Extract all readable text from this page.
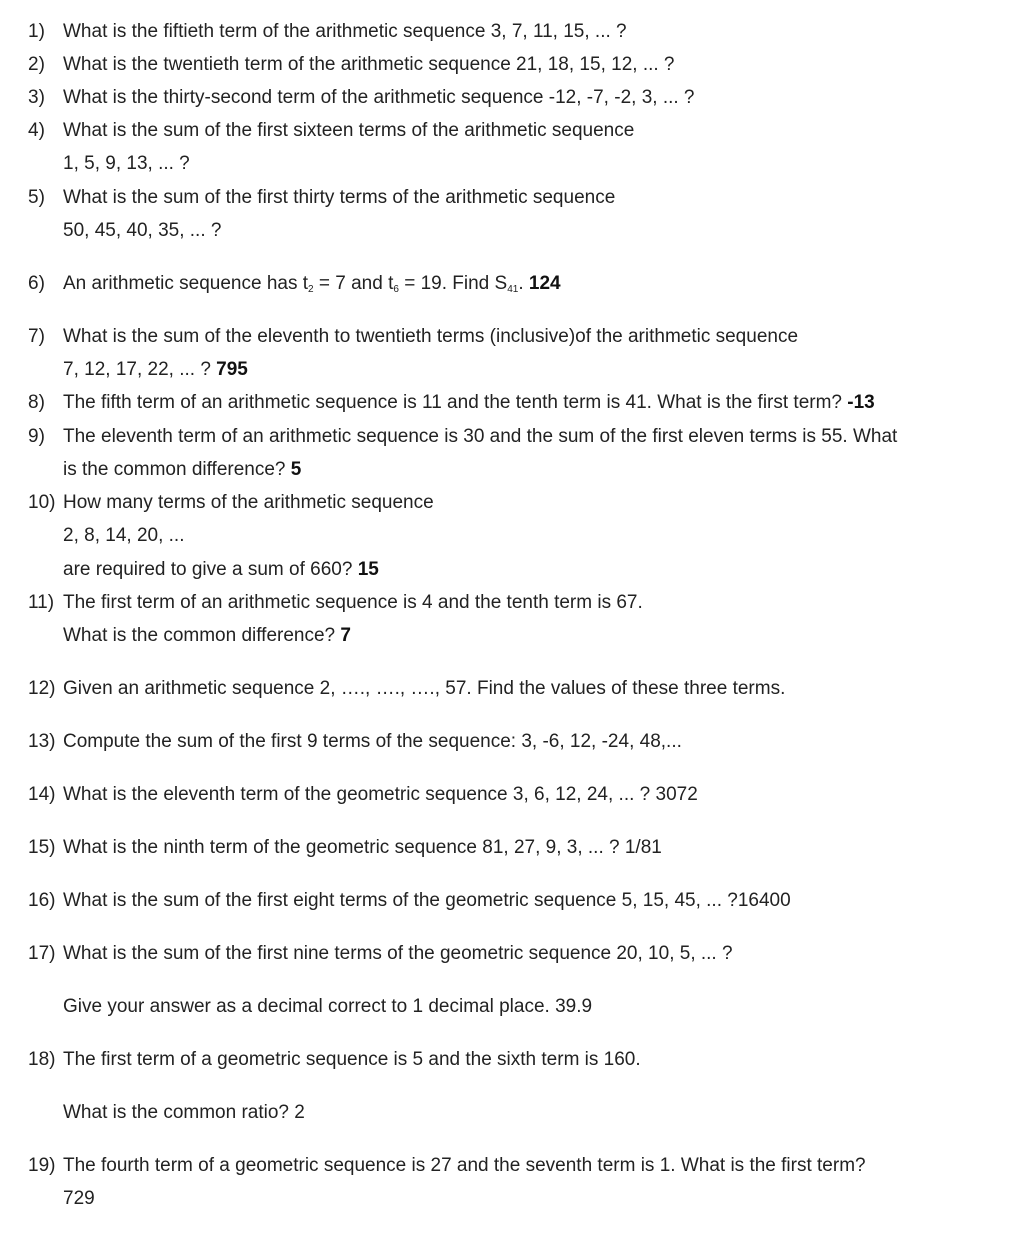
1) What is the fiftieth term of the arithmetic sequence 3, 7, 11, 15, ... ?
2) What is the twentieth term of the arithmetic sequence 21, 18, 15, 12, ... ?
3) What is the thirty-second term of the arithmetic sequence -12, -7, -2, 3, ... ?
4) What is the sum of the first sixteen terms of the arithmetic sequence
1, 5, 9, 13, ... ?
5) What is the sum of the first thirty terms of the arithmetic sequence
50, 45, 40, 35, ... ?
6) An arithmetic sequence has $t_2 = 7$ and $t_6 = 19$. Find $S_{41}$. 124
7) What is the sum of the eleventh to twentieth terms (inclusive)of the arithmetic sequence
7, 12, 17, 22, ... ? 795
8) The fifth term of an arithmetic sequence is 11 and the tenth term is 41. What is the first term? -13
9) The eleventh term of an arithmetic sequence is 30 and the sum of the first eleven terms is 55. What
is the common difference? 5
10) How many terms of the arithmetic sequence
2, 8, 14, 20, ...
are required to give a sum of 660? 15
11) The first term of an arithmetic sequence is 4 and the tenth term is 67.
What is the common difference? 7
12) Given an arithmetic sequence 2, …., …., …., 57. Find the values of these three terms.
13) Compute the sum of the first 9 terms of the sequence: 3, -6, 12, -24, 48,...
14) What is the eleventh term of the geometric sequence 3, 6, 12, 24, ... ? 3072
15) What is the ninth term of the geometric sequence 81, 27, 9, 3, ... ? 1/81
16) What is the sum of the first eight terms of the geometric sequence 5, 15, 45, ... ?16400
17) What is the sum of the first nine terms of the geometric sequence 20, 10, 5, ... ?
Give your answer as a decimal correct to 1 decimal place. 39.9
18) The first term of a geometric sequence is 5 and the sixth term is 160.
What is the common ratio? 2
19) The fourth term of a geometric sequence is 27 and the seventh term is 1. What is the first term?
729
